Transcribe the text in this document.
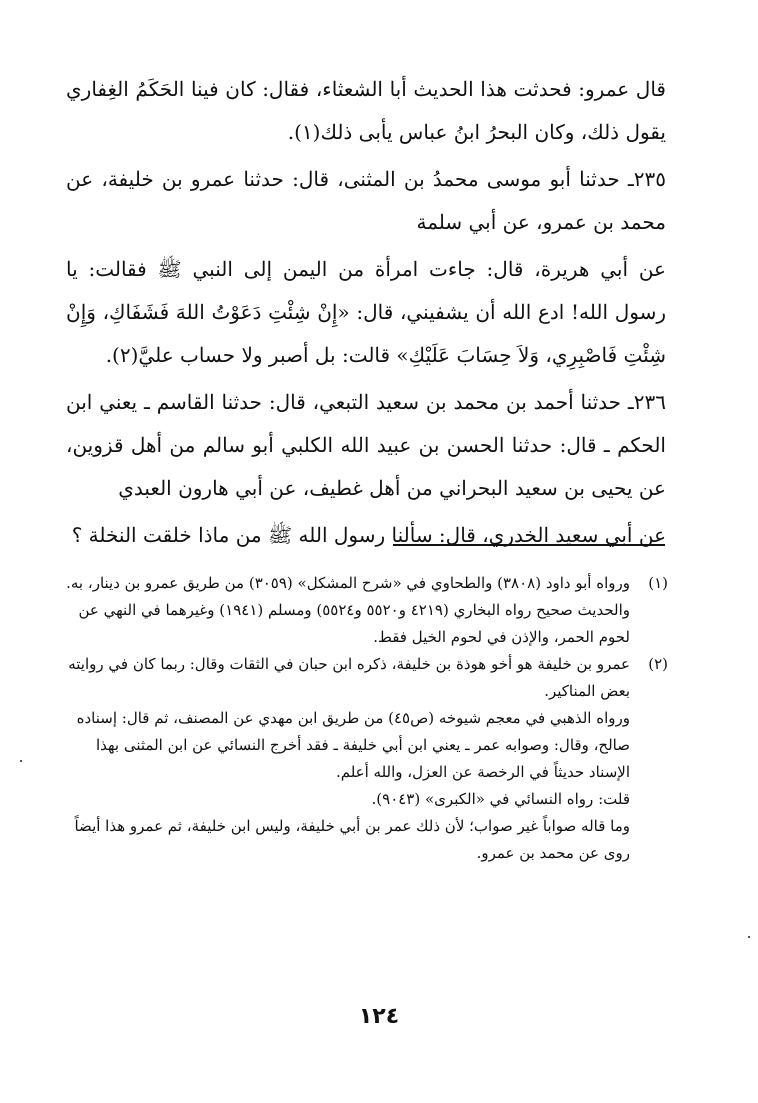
قال عمرو: فحدثت هذا الحديث أبا الشعثاء، فقال: كان فينا الحَكَمُ الغِفاري يقول ذلك، وكان البحرُ ابنُ عباس يأبى ذلك(١).

٢٣٥ـ حدثنا أبو موسى محمدُ بن المثنى، قال: حدثنا عمرو بن خليفة، عن محمد بن عمرو، عن أبي سلمة

عن أبي هريرة، قال: جاءت امرأة من اليمن إلى النبي ﷺ فقالت: يا رسول الله! ادع الله أن يشفيني، قال: «إِنْ شِئْتِ دَعَوْتُ اللهَ فَشَفَاكِ، وَإِنْ شِئْتِ فَاصْبِرِي، وَلاَ حِسَابَ عَلَيْكِ» قالت: بل أصبر ولا حساب عليَّ(٢).

٢٣٦ـ حدثنا أحمد بن محمد بن سعيد التبعي، قال: حدثنا القاسم ـ يعني ابن الحكم ـ قال: حدثنا الحسن بن عبيد الله الكلبي أبو سالم من أهل قزوين، عن يحيى بن سعيد البحراني من أهل غطيف، عن أبي هارون العبدي

عن أبي سعيد الخدري، قال: سألنا رسول الله ﷺ من ماذا خلقت النخلة ؟

(١)

ورواه أبو داود (٣٨٠٨) والطحاوي في «شرح المشكل» (٣٠٥٩) من طريق عمرو بن دينار، به.

والحديث صحيح رواه البخاري (٤٢١٩ و٥٥٢٠ و٥٥٢٤) ومسلم (١٩٤١) وغيرهما في النهي عن لحوم الحمر، والإذن في لحوم الخيل فقط.

(٢)

عمرو بن خليفة هو أخو هوذة بن خليفة، ذكره ابن حبان في الثقات وقال: ربما كان في روايته بعض المناكير.

ورواه الذهبي في معجم شيوخه (ص٤٥) من طريق ابن مهدي عن المصنف، ثم قال: إسناده صالح، وقال: وصوابه عمر ـ يعني ابن أبي خليفة ـ فقد أخرج النسائي عن ابن المثنى بهذا الإسناد حديثاً في الرخصة عن العزل، والله أعلم.

قلت: رواه النسائي في «الكبرى» (٩٠٤٣).

وما قاله صواباً غير صواب؛ لأن ذلك عمر بن أبي خليفة، وليس ابن خليفة، ثم عمرو هذا أيضاً روى عن محمد بن عمرو.

١٢٤
